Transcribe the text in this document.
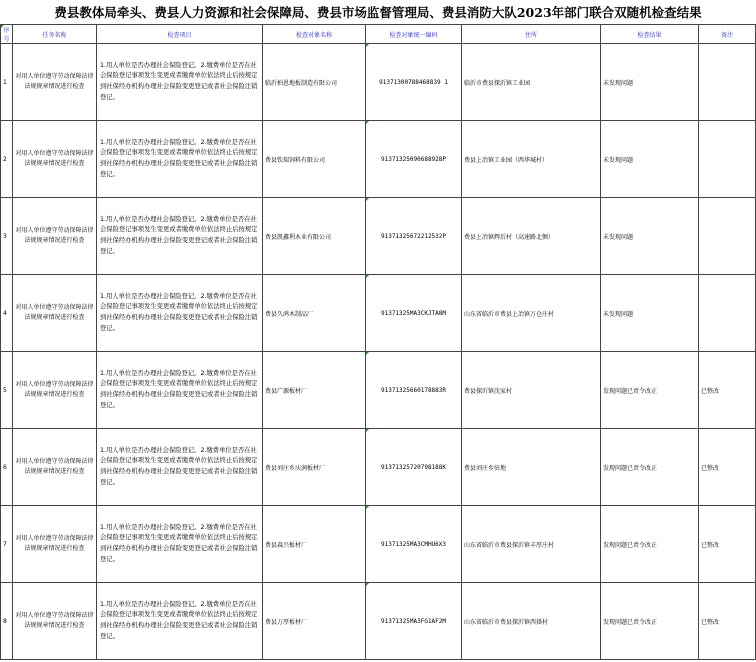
费县教体局牵头、费县人力资源和社会保障局、费县市场监督管理局、费县消防大队2023年部门联合双随机检查结果
序号	任务名称	检查项目	检查对象名称	检查对象统一编码	住所	检查结果	备注
1	对用人单位遵守劳动保障法律法规规章情况进行检查	1.用人单位是否办理社会保险登记。2.缴费单位是否在社会保险登记事项发生变更或者缴费单位依法终止后按规定到社保经办机构办理社会保险变更登记或者社会保险注销登记。	临沂柏恩地板制造有限公司	91371300788468839 1	临沂市费县探沂镇工业园	未发现问题	
2	对用人单位遵守劳动保障法律法规规章情况进行检查	1.用人单位是否办理社会保险登记。2.缴费单位是否在社会保险登记事项发生变更或者缴费单位依法终止后按规定到社保经办机构办理社会保险变更登记或者社会保险注销登记。	费县钦瑞饲料有限公司	91371325090688928P	费县上冶镇工业园（西华城村）	未发现问题	
3	对用人单位遵守劳动保障法律法规规章情况进行检查	1.用人单位是否办理社会保险登记。2.缴费单位是否在社会保险登记事项发生变更或者缴费单位依法终止后按规定到社保经办机构办理社会保险变更登记或者社会保险注销登记。	费县凯鑫利木业有限公司	91371325672212532P	费县上冶镇辉后村（高速路北侧）	未发现问题	
4	对用人单位遵守劳动保障法律法规规章情况进行检查	1.用人单位是否办理社会保险登记。2.缴费单位是否在社会保险登记事项发生变更或者缴费单位依法终止后按规定到社保经办机构办理社会保险变更登记或者社会保险注销登记。	费县久鸿木制品厂	91371325MA3CKJTA8M	山东省临沂市费县上冶镇万仓庄村	未发现问题	
5	对用人单位遵守劳动保障法律法规规章情况进行检查	1.用人单位是否办理社会保险登记。2.缴费单位是否在社会保险登记事项发生变更或者缴费单位依法终止后按规定到社保经办机构办理社会保险变更登记或者社会保险注销登记。	费县广源板材厂	91371325660178883R	费县探沂镇沈家村	发现问题已责令改正	已整改
6	对用人单位遵守劳动保障法律法规规章情况进行检查	1.用人单位是否办理社会保险登记。2.缴费单位是否在社会保险登记事项发生变更或者缴费单位依法终止后按规定到社保经办机构办理社会保险变更登记或者社会保险注销登记。	费县刘庄乡庆润板材厂	91371325720798188K	费县刘庄乡驻地	发现问题已责令改正	已整改
7	对用人单位遵守劳动保障法律法规规章情况进行检查	1.用人单位是否办理社会保险登记。2.缴费单位是否在社会保险登记事项发生变更或者缴费单位依法终止后按规定到社保经办机构办理社会保险变更登记或者社会保险注销登记。	费县森兴板材厂	91371325MA3CMHU6X3	山东省临沂市费县探沂镇丰厚庄村	发现问题已责令改正	已整改
8	对用人单位遵守劳动保障法律法规规章情况进行检查	1.用人单位是否办理社会保险登记。2.缴费单位是否在社会保险登记事项发生变更或者缴费单位依法终止后按规定到社保经办机构办理社会保险变更登记或者社会保险注销登记。	费县万厚板材厂	91371325MA3FG1AF2M	山东省临沂市费县探沂镇西择村	发现问题已责令改正	已整改
